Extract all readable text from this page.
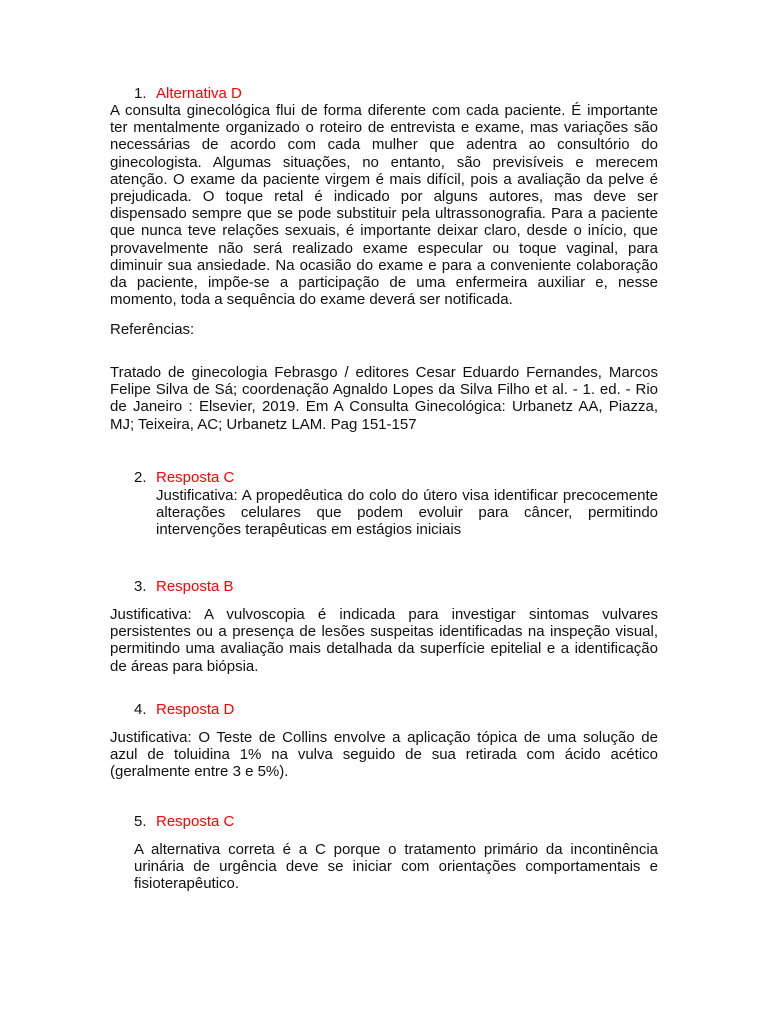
1. Alternativa D

A consulta ginecológica flui de forma diferente com cada paciente. É importante ter mentalmente organizado o roteiro de entrevista e exame, mas variações são necessárias de acordo com cada mulher que adentra ao consultório do ginecologista. Algumas situações, no entanto, são previsíveis e merecem atenção. O exame da paciente virgem é mais difícil, pois a avaliação da pelve é prejudicada. O toque retal é indicado por alguns autores, mas deve ser dispensado sempre que se pode substituir pela ultrassonografia. Para a paciente que nunca teve relações sexuais, é importante deixar claro, desde o início, que provavelmente não será realizado exame especular ou toque vaginal, para diminuir sua ansiedade. Na ocasião do exame e para a conveniente colaboração da paciente, impõe-se a participação de uma enfermeira auxiliar e, nesse momento, toda a sequência do exame deverá ser notificada.

Referências:

Tratado de ginecologia Febrasgo / editores Cesar Eduardo Fernandes, Marcos Felipe Silva de Sá; coordenação Agnaldo Lopes da Silva Filho et al. - 1. ed. - Rio de Janeiro : Elsevier, 2019. Em A Consulta Ginecológica: Urbanetz AA, Piazza, MJ; Teixeira, AC; Urbanetz LAM. Pag 151-157

2. Resposta C

Justificativa: A propedêutica do colo do útero visa identificar precocemente alterações celulares que podem evoluir para câncer, permitindo intervenções terapêuticas em estágios iniciais

3. Resposta B

Justificativa: A vulvoscopia é indicada para investigar sintomas vulvares persistentes ou a presença de lesões suspeitas identificadas na inspeção visual, permitindo uma avaliação mais detalhada da superfície epitelial e a identificação de áreas para biópsia.

4. Resposta D

Justificativa: O Teste de Collins envolve a aplicação tópica de uma solução de azul de toluidina 1% na vulva seguido de sua retirada com ácido acético (geralmente entre 3 e 5%).

5. Resposta C

A alternativa correta é a C porque o tratamento primário da incontinência urinária de urgência deve se iniciar com orientações comportamentais e fisioterapêutico.
